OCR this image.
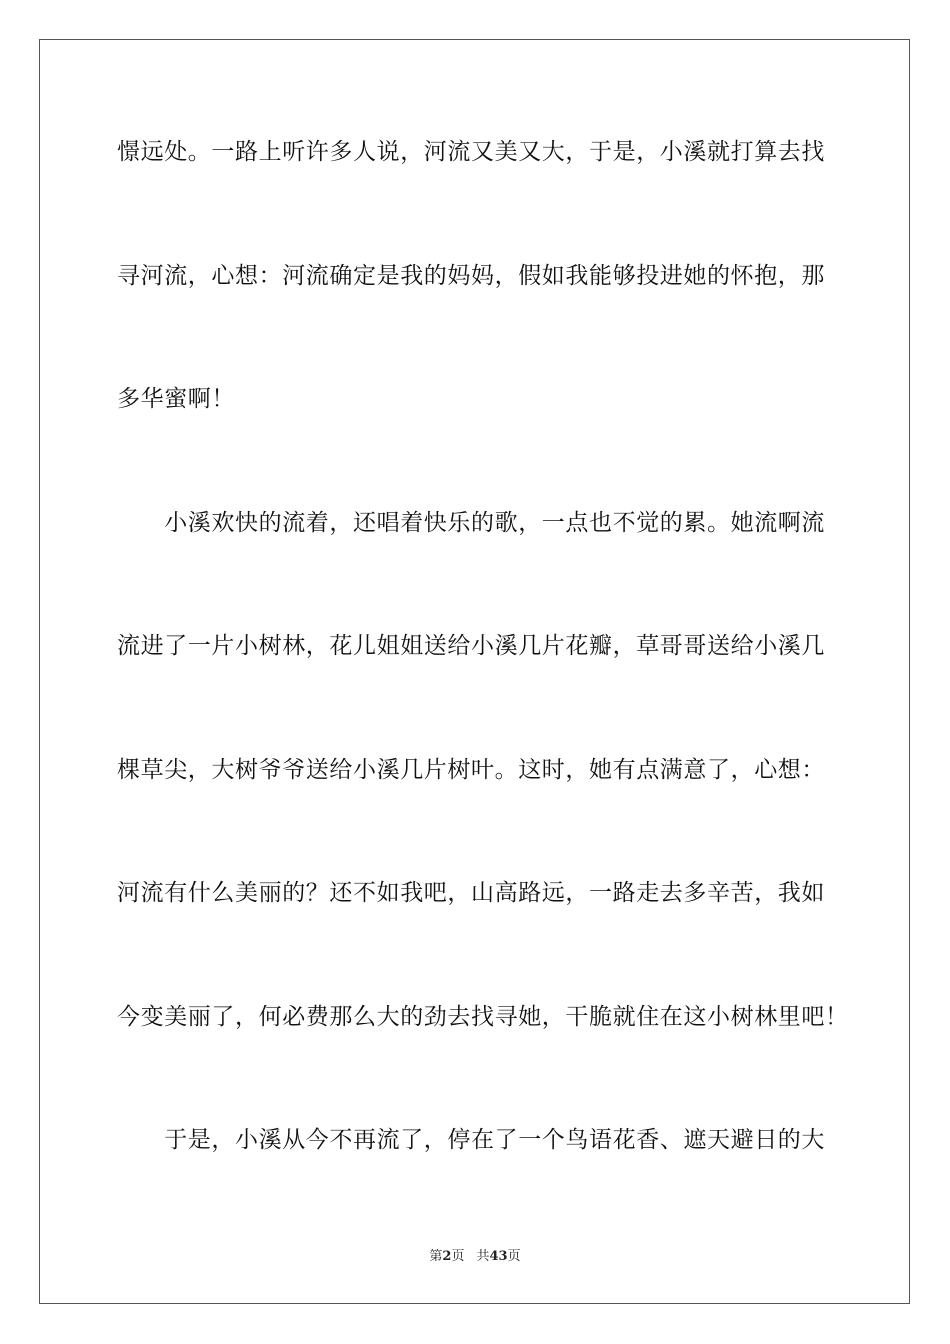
憬远处。一路上听许多人说，河流又美又大，于是，小溪就打算去找

寻河流，心想：河流确定是我的妈妈，假如我能够投进她的怀抱，那

多华蜜啊！

　　小溪欢快的流着，还唱着快乐的歌，一点也不觉的累。她流啊流

流进了一片小树林，花儿姐姐送给小溪几片花瓣，草哥哥送给小溪几

棵草尖，大树爷爷送给小溪几片树叶。这时，她有点满意了，心想：

河流有什么美丽的？还不如我吧，山高路远，一路走去多辛苦，我如

今变美丽了，何必费那么大的劲去找寻她，干脆就住在这小树林里吧！

　　于是，小溪从今不再流了，停在了一个鸟语花香、遮天避日的大

第2页 共43页
